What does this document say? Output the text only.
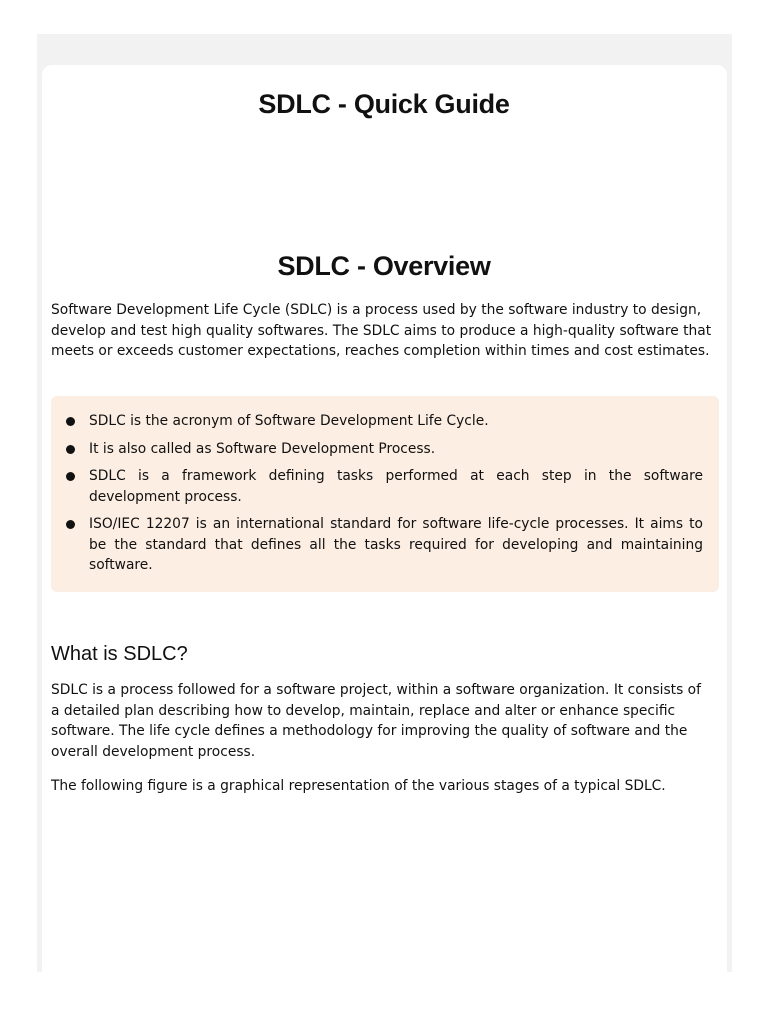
SDLC - Quick Guide
SDLC - Overview

Software Development Life Cycle (SDLC) is a process used by the software industry to design, develop and test high quality softwares. The SDLC aims to produce a high-quality software that meets or exceeds customer expectations, reaches completion within times and cost estimates.

SDLC is the acronym of Software Development Life Cycle.
It is also called as Software Development Process.
SDLC is a framework defining tasks performed at each step in the software development process.
ISO/IEC 12207 is an international standard for software life-cycle processes. It aims to be the standard that defines all the tasks required for developing and maintaining software.
What is SDLC?

SDLC is a process followed for a software project, within a software organization. It consists of a detailed plan describing how to develop, maintain, replace and alter or enhance specific software. The life cycle defines a methodology for improving the quality of software and the overall development process.

The following figure is a graphical representation of the various stages of a typical SDLC.
